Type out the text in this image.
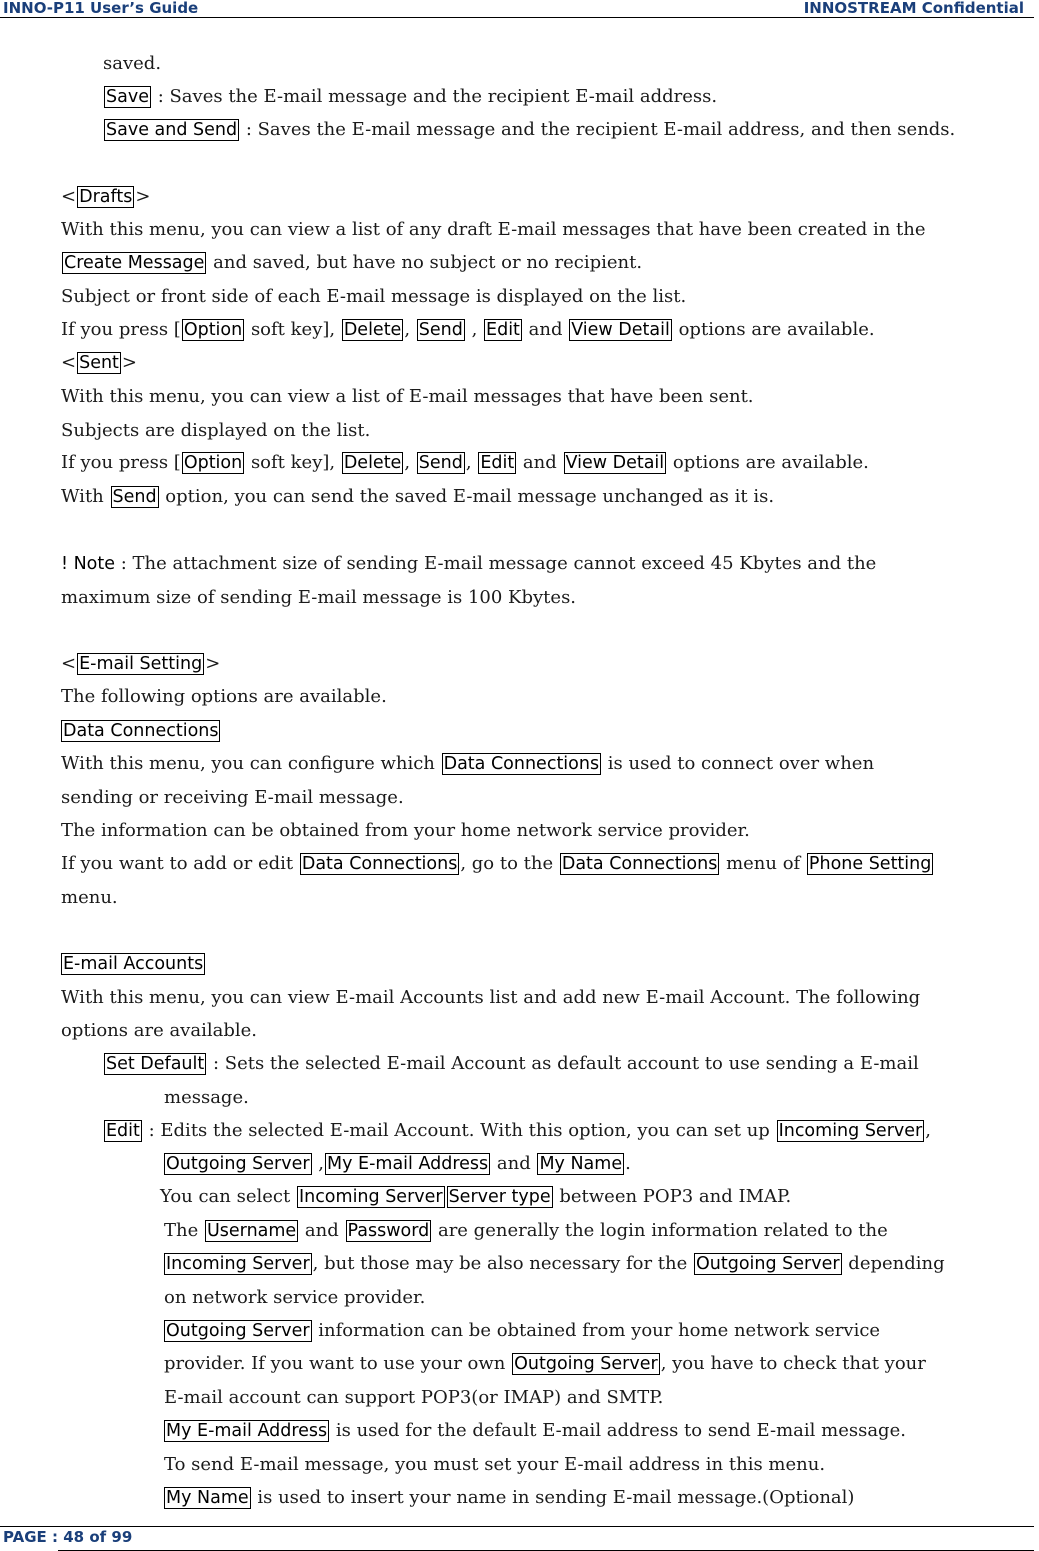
INNO-P11 User’s Guide	INNOSTREAM Confidential
saved.
Save : Saves the E-mail message and the recipient E-mail address.
Save and Send : Saves the E-mail message and the recipient E-mail address, and then sends.
< Drafts >
With this menu, you can view a list of any draft E-mail messages that have been created in the
Create Message and saved, but have no subject or no recipient.
Subject or front side of each E-mail message is displayed on the list.
If you press [ Option soft key], Delete , Send , Edit and View Detail options are available.
< Sent >
With this menu, you can view a list of E-mail messages that have been sent.
Subjects are displayed on the list.
If you press [ Option soft key], Delete , Send , Edit and View Detail options are available.
With Send option, you can send the saved E-mail message unchanged as it is.
! Note : The attachment size of sending E-mail message cannot exceed 45 Kbytes and the
maximum size of sending E-mail message is 100 Kbytes.
< E-mail Setting >
The following options are available.
Data Connections
With this menu, you can configure which Data Connections is used to connect over when
sending or receiving E-mail message.
The information can be obtained from your home network service provider.
If you want to add or edit Data Connections , go to the Data Connections menu of Phone Setting
menu.
E-mail Accounts
With this menu, you can view E-mail Accounts list and add new E-mail Account. The following
options are available.
Set Default : Sets the selected E-mail Account as default account to use sending a E-mail
message.
Edit : Edits the selected E-mail Account. With this option, you can set up Incoming Server ,
Outgoing Server , My E-mail Address and My Name .
You can select Incoming Server Server type between POP3 and IMAP.
The Username and Password are generally the login information related to the
Incoming Server , but those may be also necessary for the Outgoing Server depending
on network service provider.
Outgoing Server information can be obtained from your home network service
provider. If you want to use your own Outgoing Server , you have to check that your
E-mail account can support POP3(or IMAP) and SMTP.
My E-mail Address is used for the default E-mail address to send E-mail message.
To send E-mail message, you must set your E-mail address in this menu.
My Name is used to insert your name in sending E-mail message.(Optional)
PAGE : 48 of 99
